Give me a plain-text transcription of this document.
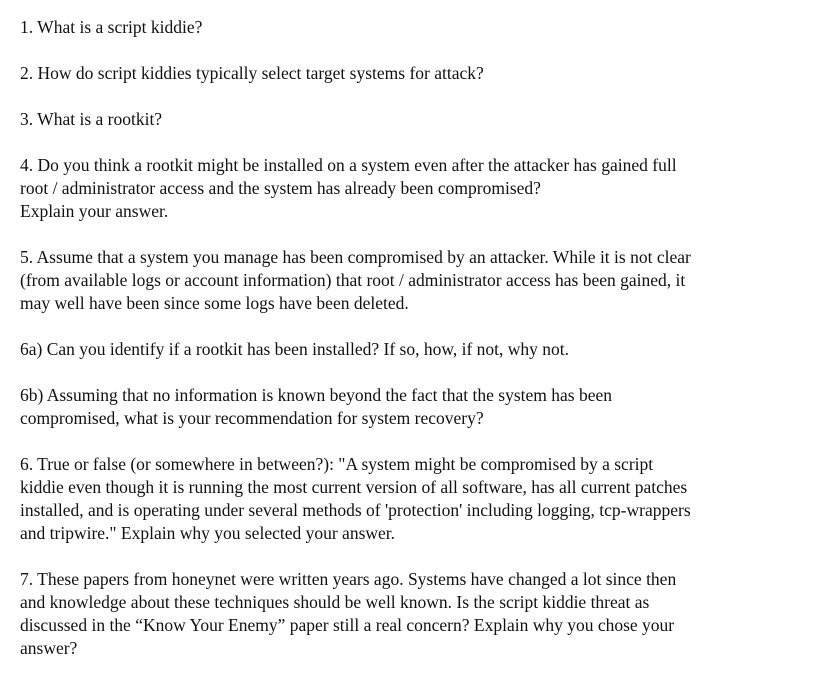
1. What is a script kiddie?

2. How do script kiddies typically select target systems for attack?

3. What is a rootkit?

4. Do you think a rootkit might be installed on a system even after the attacker has gained full
root / administrator access and the system has already been compromised?
Explain your answer.

5. Assume that a system you manage has been compromised by an attacker. While it is not clear
(from available logs or account information) that root / administrator access has been gained, it
may well have been since some logs have been deleted.

6a) Can you identify if a rootkit has been installed? If so, how, if not, why not.

6b) Assuming that no information is known beyond the fact that the system has been
compromised, what is your recommendation for system recovery?

6. True or false (or somewhere in between?): "A system might be compromised by a script
kiddie even though it is running the most current version of all software, has all current patches
installed, and is operating under several methods of 'protection' including logging, tcp-wrappers
and tripwire." Explain why you selected your answer.

7. These papers from honeynet were written years ago. Systems have changed a lot since then
and knowledge about these techniques should be well known. Is the script kiddie threat as
discussed in the “Know Your Enemy” paper still a real concern? Explain why you chose your
answer?
